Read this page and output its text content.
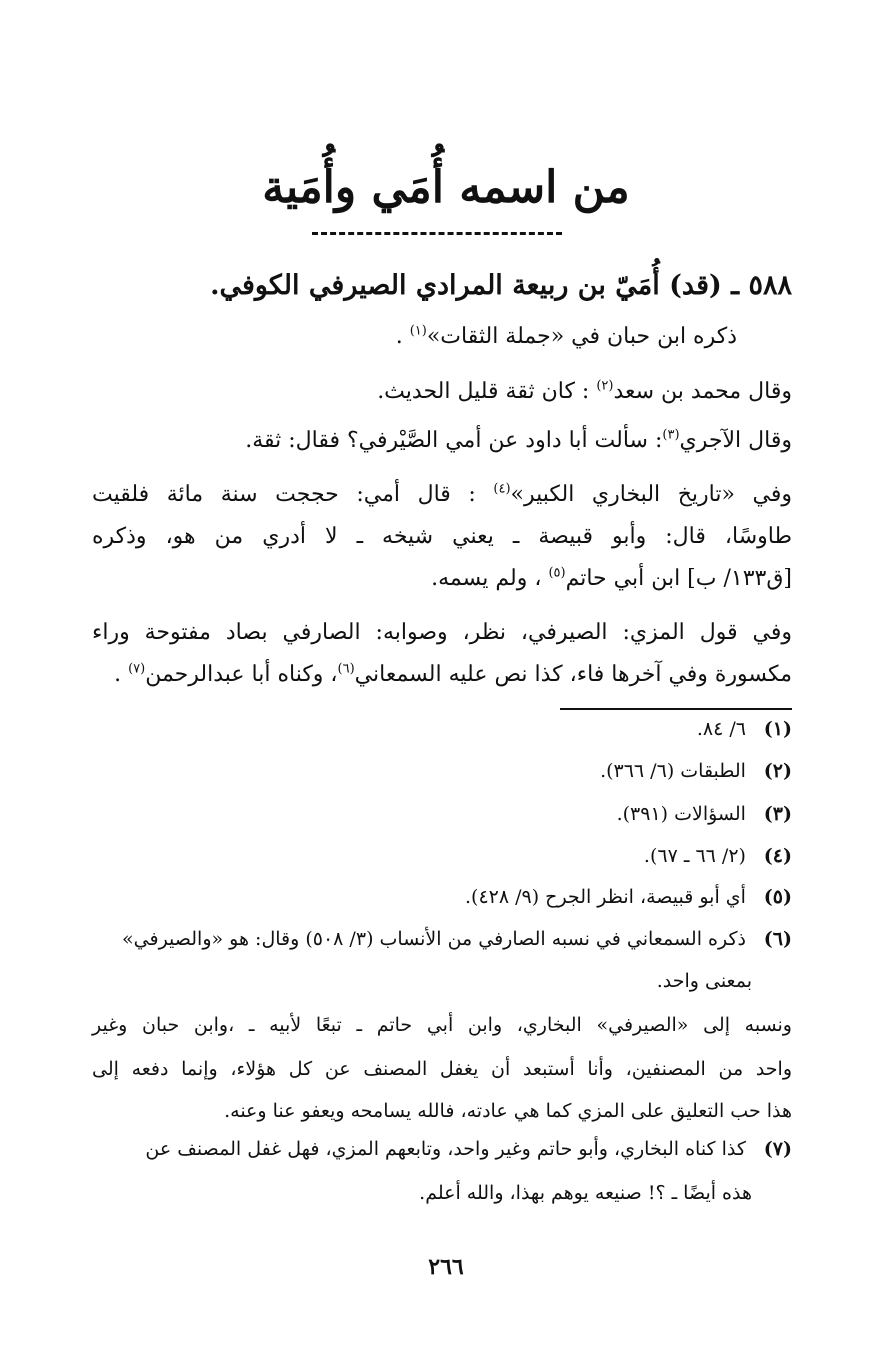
من اسمه أُمَي وأُمَية
٥٨٨ ـ (قد) أُمَيّ بن ربيعة المرادي الصيرفي الكوفي.
ذكره ابن حبان في «جملة الثقات»$^{(١)}$ .
وقال محمد بن سعد$^{(٢)}$ : كان ثقة قليل الحديث.
وقال الآجري$^{(٣)}$: سألت أبا داود عن أمي الصَّيْرفي؟ فقال: ثقة.
وفي «تاريخ البخاري الكبير»$^{(٤)}$ : قال أمي: حججت سنة مائة فلقيت
طاوسًا، قال: وأبو قبيصة ـ يعني شيخه ـ لا أدري من هو، وذكره
[ق١٣٣/ ب] ابن أبي حاتم$^{(٥)}$ ، ولم يسمه.
وفي قول المزي: الصيرفي، نظر، وصوابه: الصارفي بصاد مفتوحة وراء
مكسورة وفي آخرها فاء، كذا نص عليه السمعاني$^{(٦)}$، وكناه أبا عبدالرحمن$^{(٧)}$ .
(١) ٦/ ٨٤.
(٢) الطبقات (٦/ ٣٦٦).
(٣) السؤالات (٣٩١).
(٤) (٢/ ٦٦ ـ ٦٧).
(٥) أي أبو قبيصة، انظر الجرح (٩/ ٤٢٨).
(٦) ذكره السمعاني في نسبه الصارفي من الأنساب (٣/ ٥٠٨) وقال: هو «والصيرفي»
بمعنى واحد.
ونسبه إلى «الصيرفي» البخاري، وابن أبي حاتم ـ تبعًا لأبيه ـ ،وابن حبان وغير
واحد من المصنفين، وأنا أستبعد أن يغفل المصنف عن كل هؤلاء، وإنما دفعه إلى
هذا حب التعليق على المزي كما هي عادته، فالله يسامحه ويعفو عنا وعنه.
(٧) كذا كناه البخاري، وأبو حاتم وغير واحد، وتابعهم المزي، فهل غفل المصنف عن
هذه أيضًا ـ ؟! صنيعه يوهم بهذا، والله أعلم.
٢٦٦
